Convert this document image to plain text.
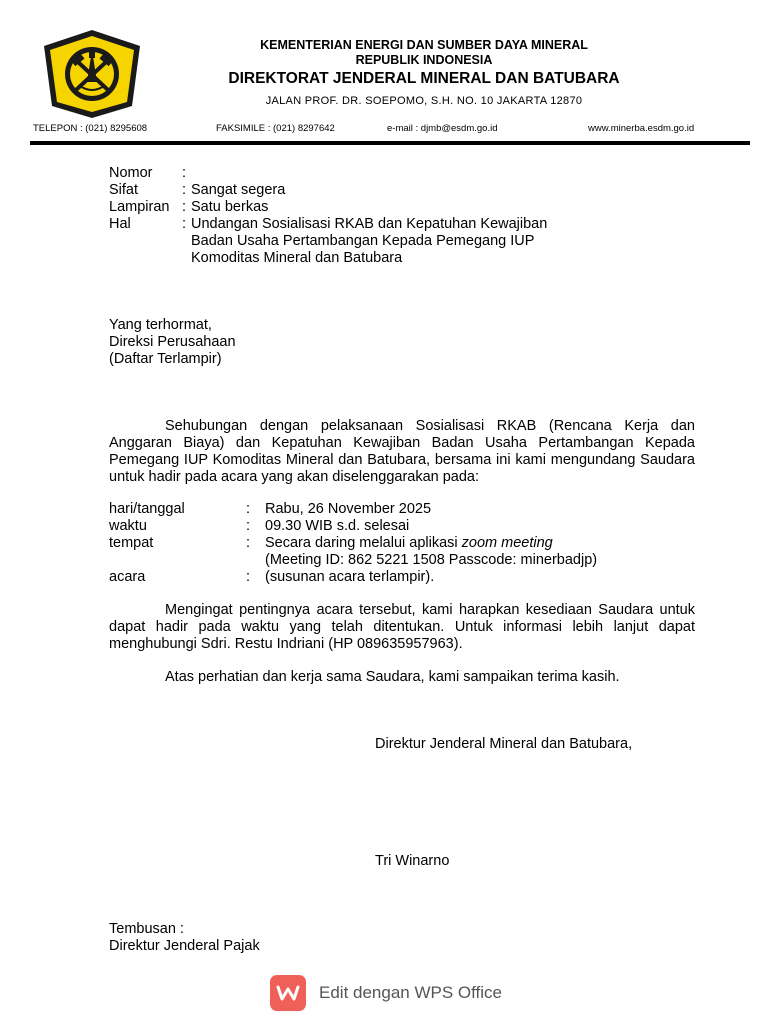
KEMENTERIAN ENERGI DAN SUMBER DAYA MINERAL
REPUBLIK INDONESIA
DIREKTORAT JENDERAL MINERAL DAN BATUBARA
JALAN PROF. DR. SOEPOMO, S.H. NO. 10 JAKARTA 12870
TELEPON : (021) 8295608	FAKSIMILE : (021) 8297642	e-mail : djmb@esdm.go.id	www.minerba.esdm.go.id
Nomor :
Sifat	: Sangat segera
Lampiran : Satu berkas
Hal	: Undangan Sosialisasi RKAB dan Kepatuhan Kewajiban
Badan Usaha Pertambangan Kepada Pemegang IUP
Komoditas Mineral dan Batubara
Yang terhormat,
Direksi Perusahaan
(Daftar Terlampir)
Sehubungan dengan pelaksanaan Sosialisasi RKAB (Rencana Kerja dan Anggaran Biaya) dan Kepatuhan Kewajiban Badan Usaha Pertambangan Kepada Pemegang IUP Komoditas Mineral dan Batubara, bersama ini kami mengundang Saudara untuk hadir pada acara yang akan diselenggarakan pada:
hari/tanggal	: Rabu, 26 November 2025
waktu	: 09.30 WIB s.d. selesai
tempat	: Secara daring melalui aplikasi zoom meeting
(Meeting ID: 862 5221 1508 Passcode: minerbadjp)
acara	: (susunan acara terlampir).
Mengingat pentingnya acara tersebut, kami harapkan kesediaan Saudara untuk dapat hadir pada waktu yang telah ditentukan. Untuk informasi lebih lanjut dapat menghubungi Sdri. Restu Indriani (HP 089635957963).
Atas perhatian dan kerja sama Saudara, kami sampaikan terima kasih.
Direktur Jenderal Mineral dan Batubara,
Tri Winarno
Tembusan :
Direktur Jenderal Pajak
Edit dengan WPS Office
